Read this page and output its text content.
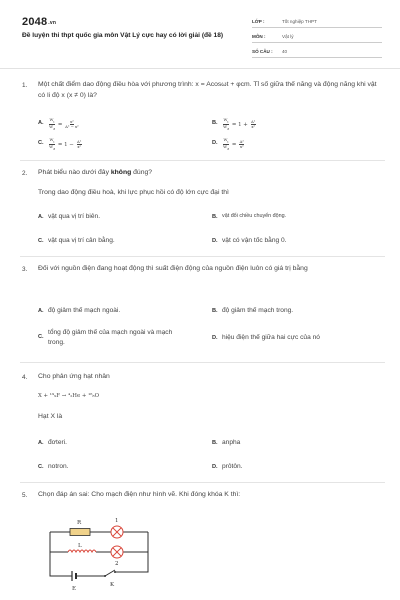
$2048^{.vn}$
Đề luyện thi thpt quốc gia môn Vật Lý cực hay có lời giải (đề 18)
LỚP :	Tốt nghiệp THPT
MÔN :	Vật lý
SỐ CÂU :	40
1. Một chất điểm dao động điều hòa với phương trình: x = Acosωt + φcm. Tỉ số giữa thế năng và động năng khi vật có li độ x (x ≠ 0) là?
A.	$\frac{W_t}{W_đ} = \frac{\text{x²}}{\text{A² − x²}}$	B.	$\frac{W_t}{W_đ} = 1 + \frac{\text{A²}}{\text{x²}}$
C.	$\frac{W_t}{W_đ} = 1 - \frac{\text{A²}}{\text{x²}}$	D.	$\frac{W_t}{W_đ} = \frac{\text{A²}}{\text{x²}}$
2. Phát biểu nào dưới đây không đúng?
Trong dao động điều hoà, khi lực phục hồi có độ lớn cực đại thì
A. vật qua vị trí biên.	B. vật đổi chiều chuyển động.
C. vật qua vị trí cân bằng.	D. vật có vận tốc bằng 0.
3. Đối với nguồn điện đang hoạt động thì suất điện động của nguồn điện luôn có giá trị bằng
A. độ giảm thế mạch ngoài.	B. độ giảm thế mạch trong.
C.
tổng độ giảm thế của mạch ngoài và mạch trong.
D. hiệu điện thế giữa hai cực của nó
4. Cho phản ứng hạt nhân
X + ¹⁹₉F → ⁴₂He + ¹⁶₈O
Hạt X là
A. đơteri.	B. anpha
C. notron.	D. prôtôn.
5. Chọn đáp án sai: Cho mạch điện như hình vẽ. Khi đóng khóa K thì:
R
L
1
2
E
K
